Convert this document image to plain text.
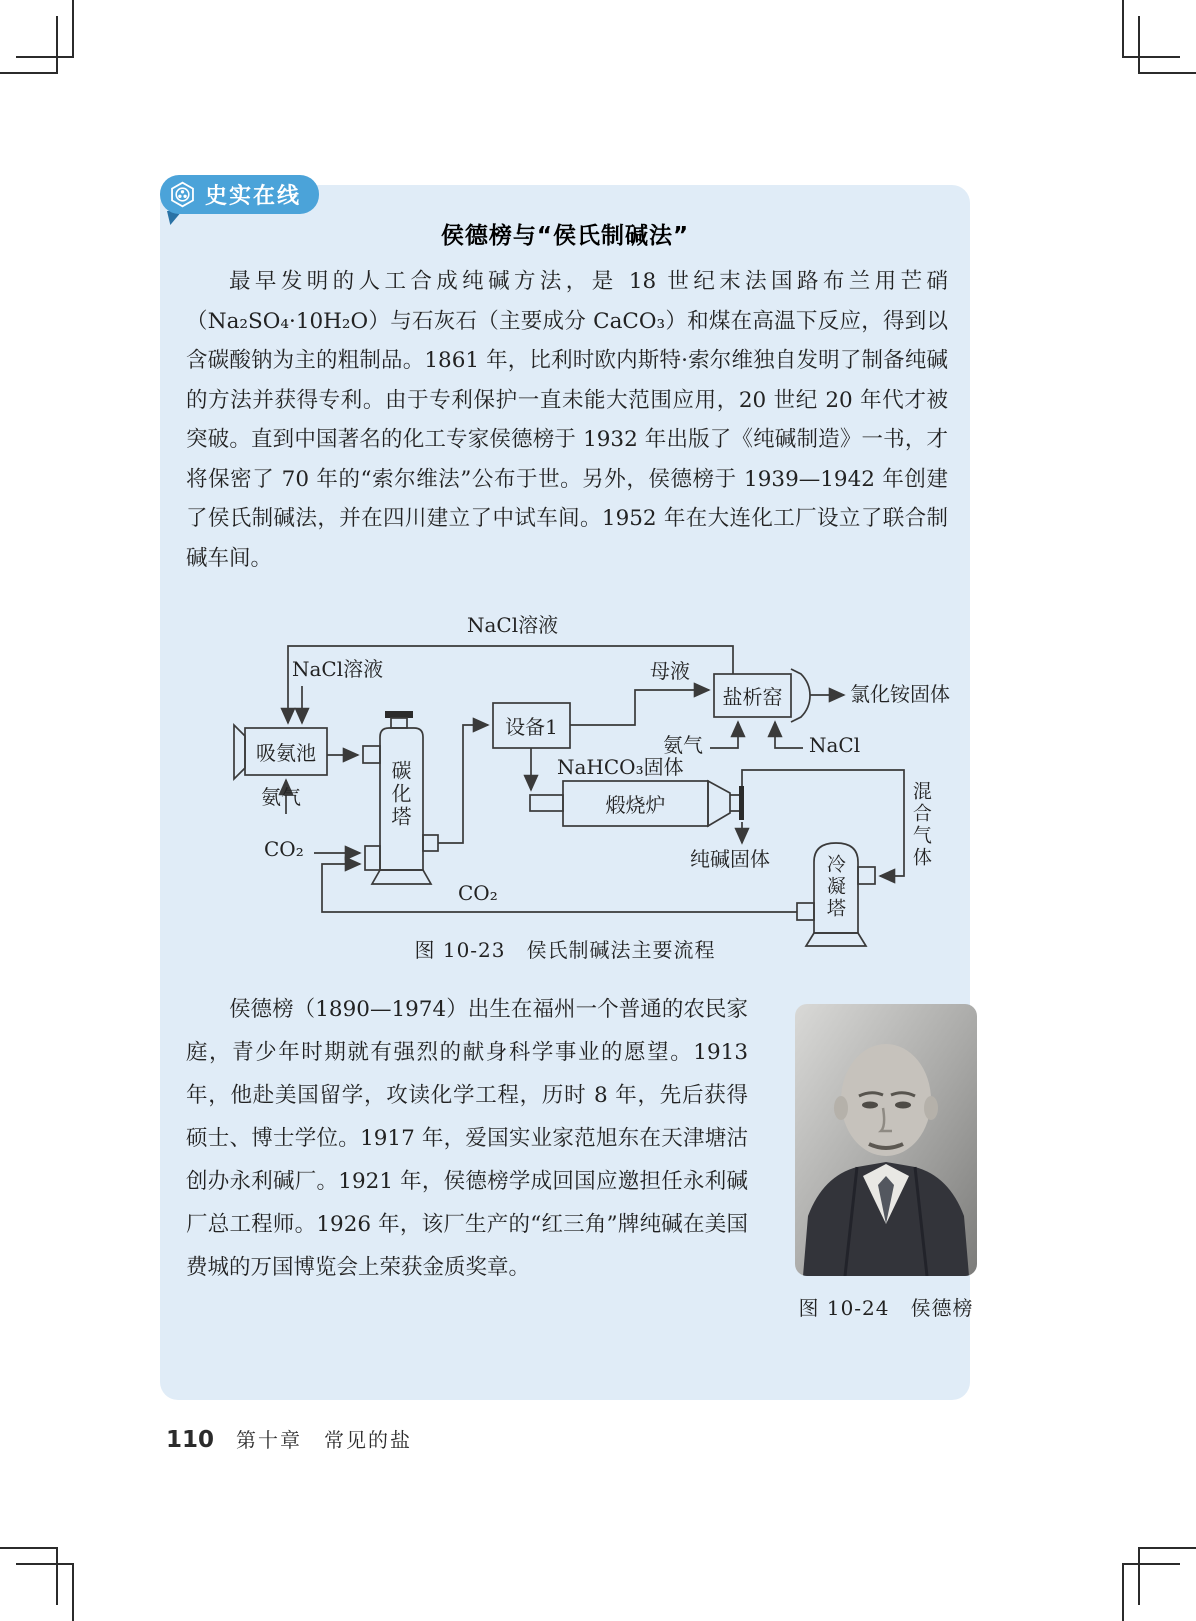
史实在线
侯德榜与“侯氏制碱法”
最早发明的人工合成纯碱方法，是 18 世纪末法国路布兰用芒硝（Na₂SO₄·10H₂O）与石灰石（主要成分 CaCO₃）和煤在高温下反应，得到以含碳酸钠为主的粗制品。1861 年，比利时欧内斯特·索尔维独自发明了制备纯碱的方法并获得专利。由于专利保护一直未能大范围应用，20 世纪 20 年代才被突破。直到中国著名的化工专家侯德榜于 1932 年出版了《纯碱制造》一书，才将保密了 70 年的“索尔维法”公布于世。另外，侯德榜于 1939—1942 年创建了侯氏制碱法，并在四川建立了中试车间。1952 年在大连化工厂设立了联合制碱车间。
NaCl溶液
NaCl溶液
吸氨池
氨气
CO₂
碳化塔
设备1
母液
盐析窑	氯化铵固体
氨气	NaCl
NaHCO₃固体
煅烧炉
纯碱固体	混合气体
冷凝塔
CO₂
图 10-23　侯氏制碱法主要流程
侯德榜（1890—1974）出生在福州一个普通的农民家庭，青少年时期就有强烈的献身科学事业的愿望。1913 年，他赴美国留学，攻读化学工程，历时 8 年，先后获得硕士、博士学位。1917 年，爱国实业家范旭东在天津塘沽创办永利碱厂。1921 年，侯德榜学成回国应邀担任永利碱厂总工程师。1926 年，该厂生产的“红三角”牌纯碱在美国费城的万国博览会上荣获金质奖章。
图 10-24　侯德榜
110 第十章　常见的盐
